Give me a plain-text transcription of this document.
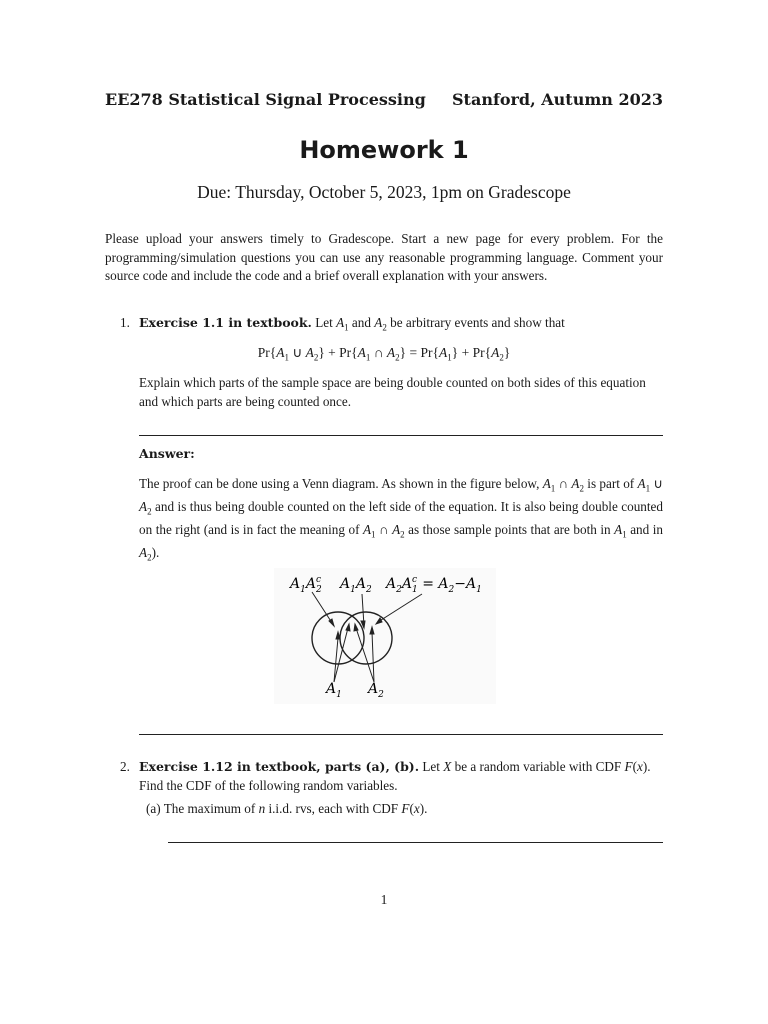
EE278 Statistical Signal Processing Stanford, Autumn 2023
Homework 1
Due: Thursday, October 5, 2023, 1pm on Gradescope
Please upload your answers timely to Gradescope. Start a new page for every problem. For the programming/simulation questions you can use any reasonable programming language. Comment your source code and include the code and a brief overall explanation with your answers.
1. Exercise 1.1 in textbook. Let $A_1$ and $A_2$ be arbitrary events and show that
$Pr\{A_1$ ∪ $A_2\} + Pr\{A_1$ ∩ $A_2\} = Pr\{A_1\} + Pr\{A_2\}$
Explain which parts of the sample space are being double counted on both sides of this equation and which parts are being counted once.
Answer:
The proof can be done using a Venn diagram. As shown in the figure below, $A_1$ ∩ $A_2$ is part of $A_1$ ∪ $A_2$ and is thus being double counted on the left side of the equation. It is also being double counted on the right (and is in fact the meaning of $A_1$ ∩ $A_2$ as those sample points that are both in $A_1$ and in $A_2$).
$A_1A^c$ 2 $A_1A_2$ $A_2A^c$ $1 = A_2-A_1$
$A_1$ $A_2$
2. Exercise 1.12 in textbook, parts (a), (b). Let X be a random variable with CDF F(x). Find the CDF of the following random variables.
(a) The maximum of n i.i.d. rvs, each with CDF F(x).
1
